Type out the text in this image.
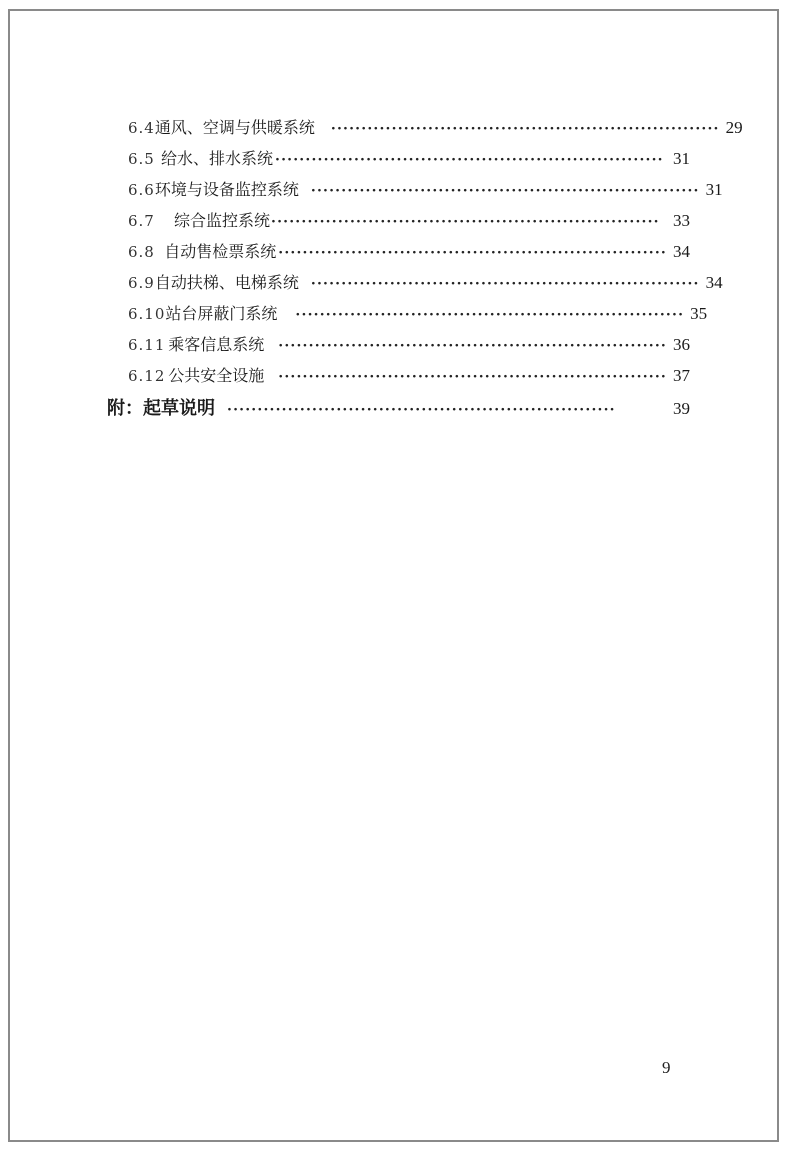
6.4 通风、空调与供暖系统 ································································ 29
6.5 给水、排水系统 ································································ 31
6.6 环境与设备监控系统 ································································ 31
6.7	综合监控系统 ································································ 33
6.8 自动售检票系统 ································································ 34
6.9 自动扶梯、电梯系统 ································································ 34
6.10 站台屏蔽门系统 ································································ 35
6.11 乘客信息系统 ································································ 36
6.12 公共安全设施 ································································ 37
附：起草说明 ································································	39
9
